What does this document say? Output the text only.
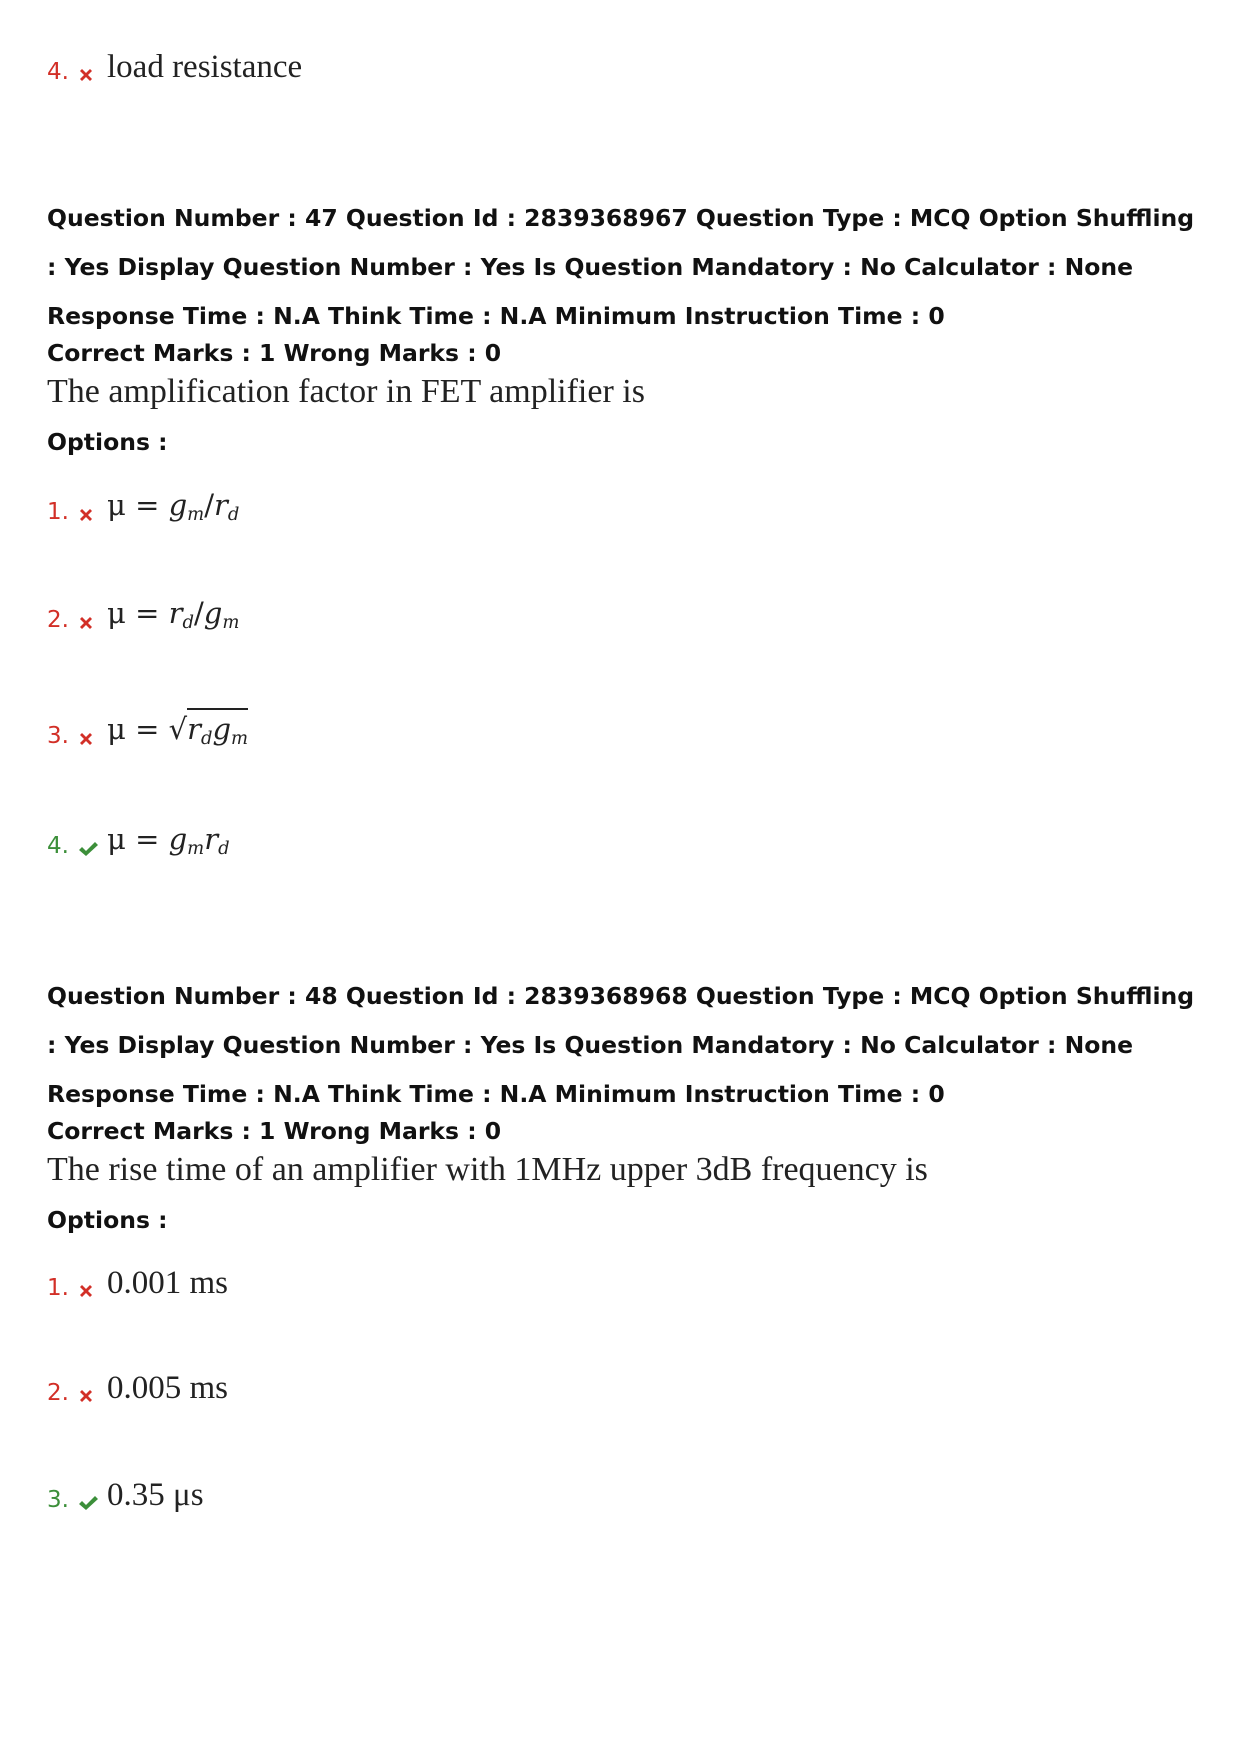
4. load resistance
Question Number : 47 Question Id : 2839368967 Question Type : MCQ Option Shuffling : Yes Display Question Number : Yes Is Question Mandatory : No Calculator : None Response Time : N.A Think Time : N.A Minimum Instruction Time : 0
Correct Marks : 1 Wrong Marks : 0
The amplification factor in FET amplifier is
Options :
1. $\mu = g_m/r_d$
2. $\mu = r_d/g_m$
3. $\mu = √r_dg_m$
4. $\mu = g_mr_d$
Question Number : 48 Question Id : 2839368968 Question Type : MCQ Option Shuffling : Yes Display Question Number : Yes Is Question Mandatory : No Calculator : None Response Time : N.A Think Time : N.A Minimum Instruction Time : 0
Correct Marks : 1 Wrong Marks : 0
The rise time of an amplifier with 1MHz upper 3dB frequency is
Options :
1. 0.001 ms
2. 0.005 ms
3. 0.35 μs
